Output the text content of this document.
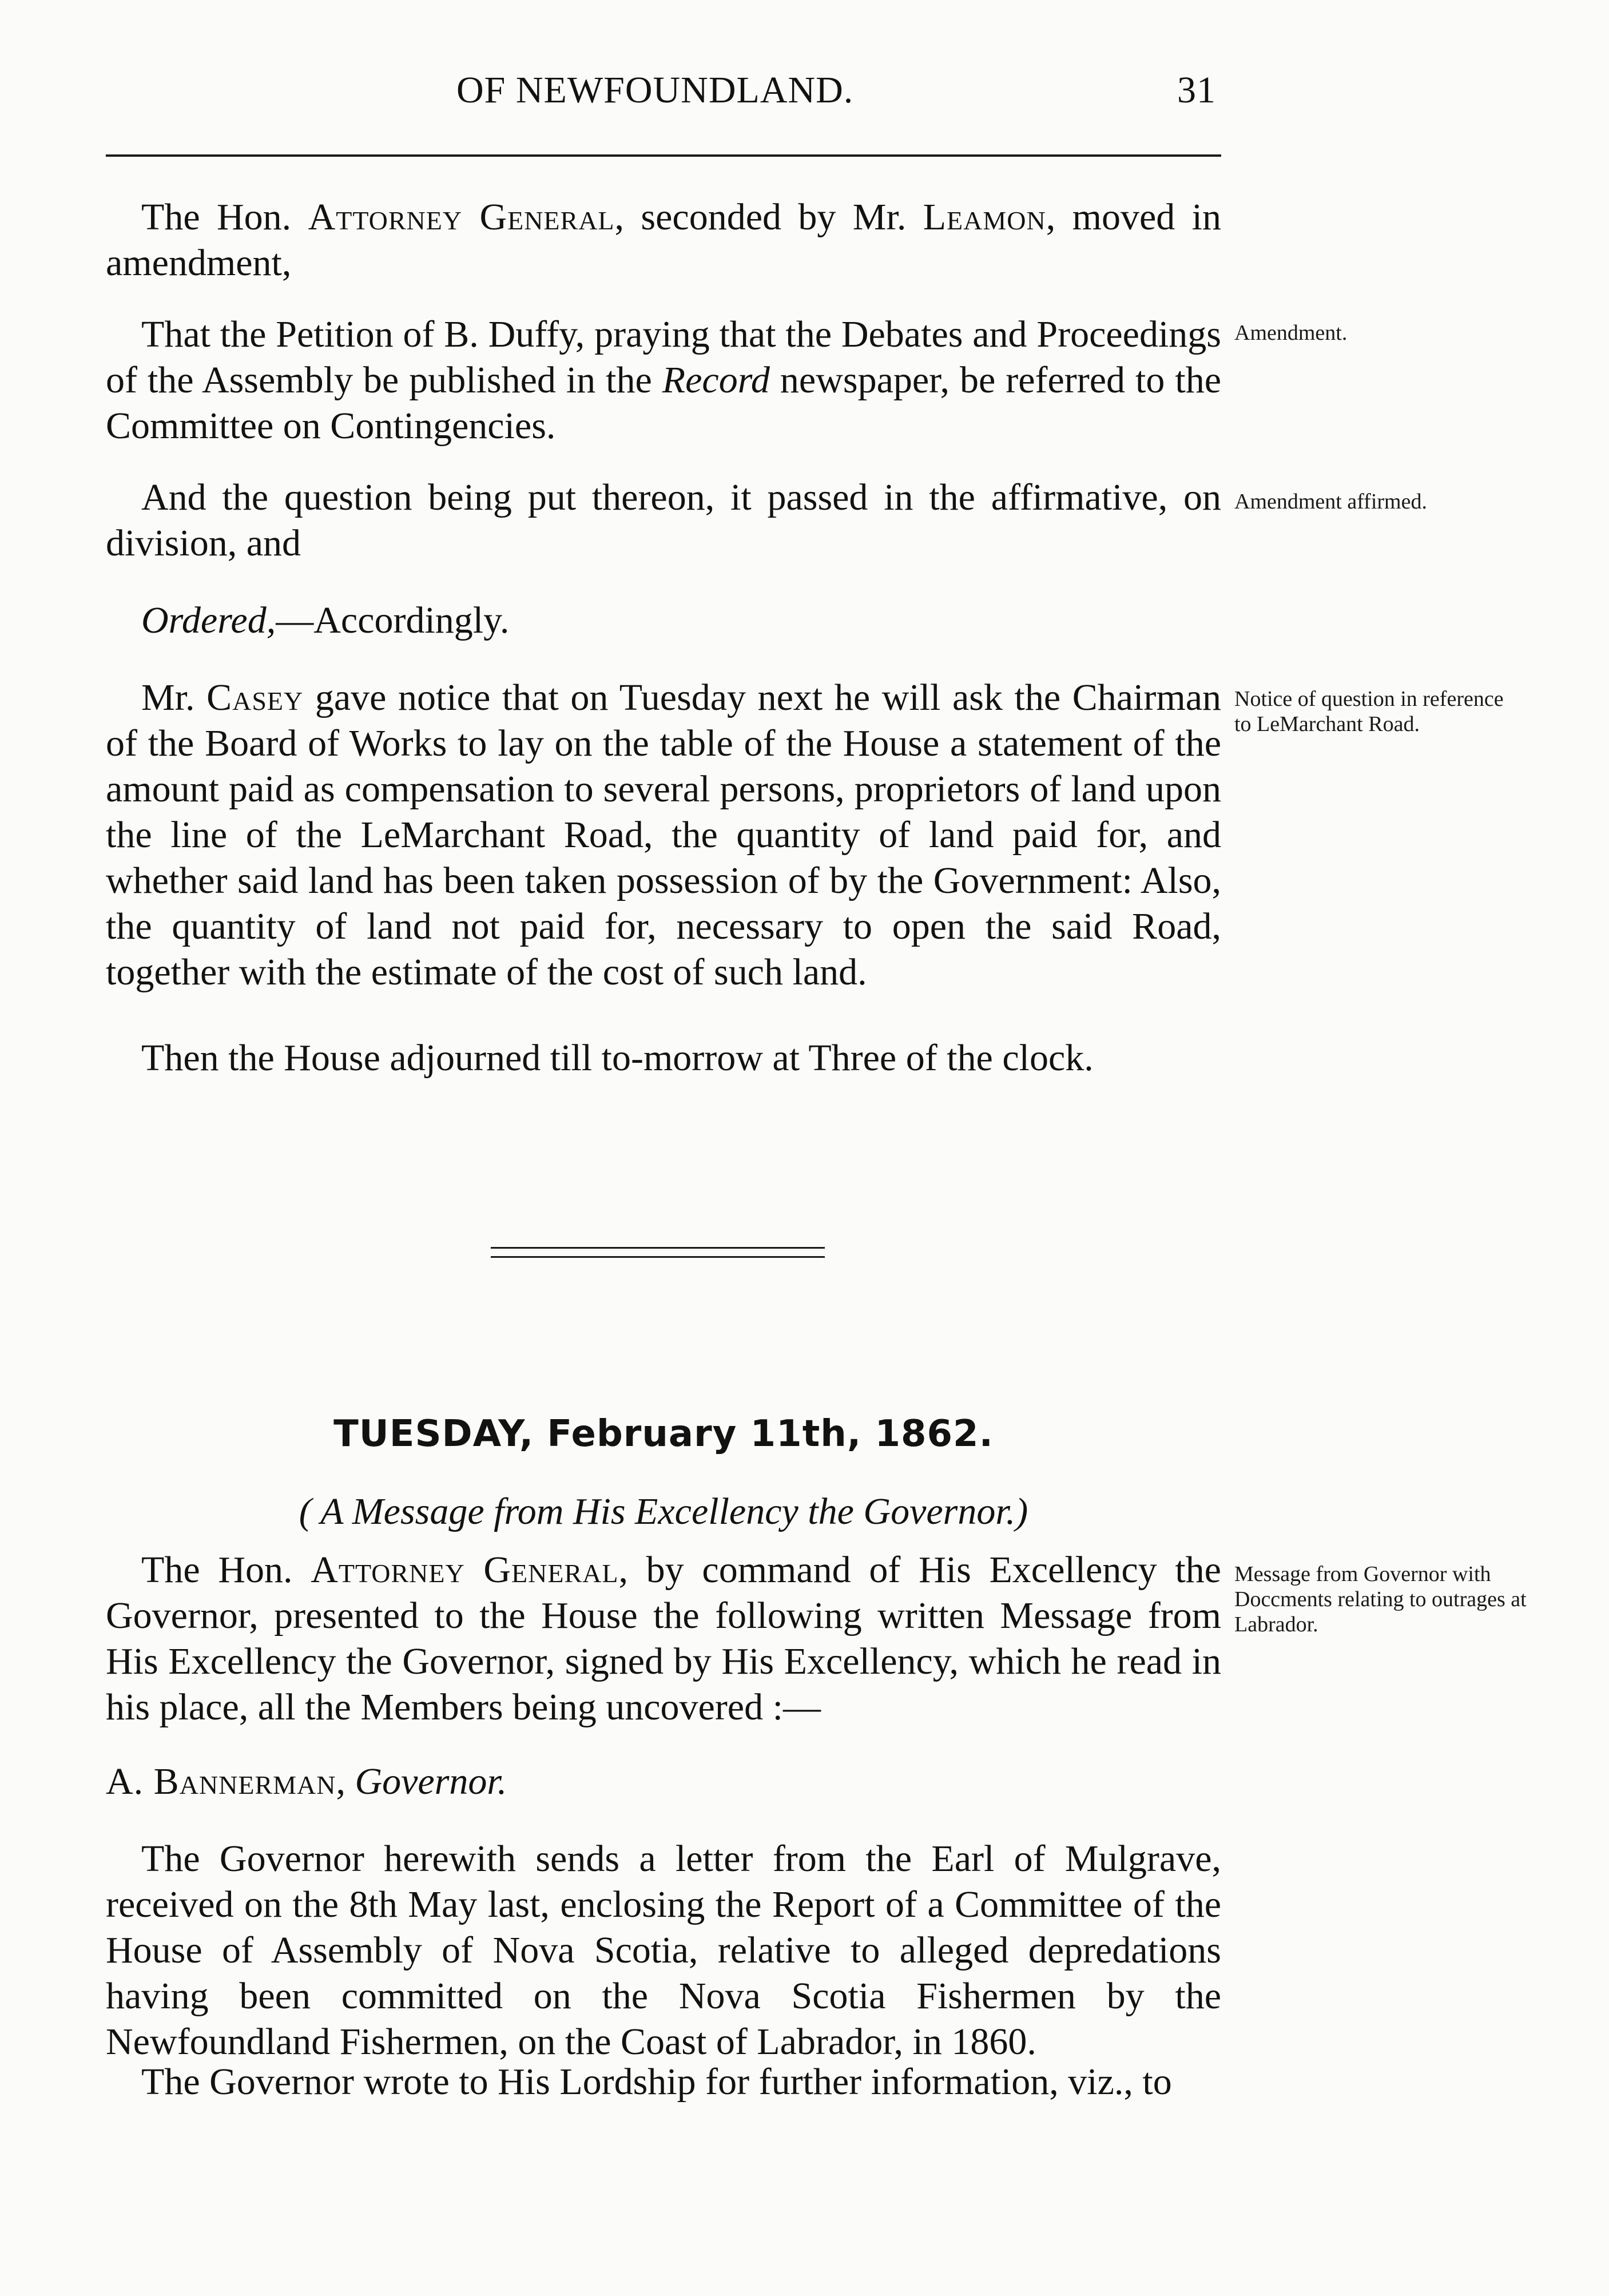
OF NEWFOUNDLAND.	31

The Hon. Attorney General, seconded by Mr. Leamon, moved in amendment,

That the Petition of B. Duffy, praying that the Debates and Proceedings of the Assembly be published in the Record newspaper, be referred to the Committee on Contingencies.

And the question being put thereon, it passed in the affirmative, on division, and

Ordered,—Accordingly.

Mr. Casey gave notice that on Tuesday next he will ask the Chairman of the Board of Works to lay on the table of the House a statement of the amount paid as compensation to several persons, proprietors of land upon the line of the LeMarchant Road, the quantity of land paid for, and whether said land has been taken possession of by the Government: Also, the quantity of land not paid for, necessary to open the said Road, together with the estimate of the cost of such land.

Then the House adjourned till to-morrow at Three of the clock.

TUESDAY, February 11th, 1862.
( A Message from His Excellency the Governor.)

The Hon. Attorney General, by command of His Excellency the Governor, presented to the House the following written Message from His Excellency the Governor, signed by His Excellency, which he read in his place, all the Members being uncovered :—

A. Bannerman, Governor.

The Governor herewith sends a letter from the Earl of Mulgrave, received on the 8th May last, enclosing the Report of a Committee of the House of Assembly of Nova Scotia, relative to alleged depredations having been committed on the Nova Scotia Fishermen by the Newfoundland Fishermen, on the Coast of Labrador, in 1860.

The Governor wrote to His Lordship for further information, viz., to

Amendment.
Amendment affirmed.
Notice of question in reference to LeMarchant Road.
Message from Governor with Doccments relating to outrages at Labrador.
